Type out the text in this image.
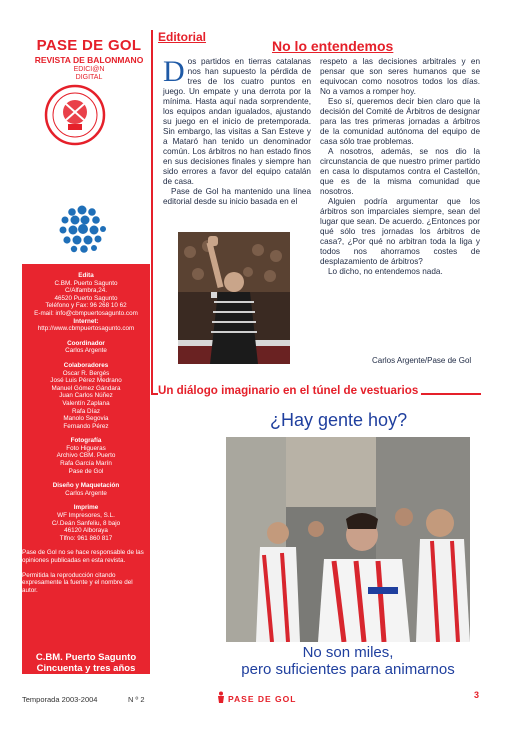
PASE DE GOL
REVISTA DE BALONMANO
EDICI@N
DIGITAL
Edita
C.BM. Puerto Sagunto
C/Alfambra,24.
46520 Puerto Sagunto
Teléfono y Fax: 96 268 10 62
E-mail: info@cbmpuertosagunto.com
Internet:
http://www.cbmpuertosagunto.com
Coordinador
Carlos Argente
Colaboradores
Oscar R. Bergés
José Luis Pérez Medrano
Manuel Gómez Gándara
Juan Carlos Núñez
Valentín Zaplana
Rafa Díaz
Manolo Segovia
Fernando Pérez
Fotografía
Foto Higueras
Archivo CBM. Puerto
Rafa García Marín
Pase de Gol
Diseño y Maquetación
Carlos Argente
Imprime
WF Impresores, S.L.
C/.Deán Sanfeliu, 8 bajo
46120 Alboraya
Tlfno: 961 860 817
Pase de Gol no se hace responsable de las opiniones publicadas en esta revista.
Permitida la reproducción citando expresamente la fuente y el nombre del autor.
C.BM. Puerto Sagunto
Cincuenta y tres años
jugando al Balonmano
Temporada 2003-2004	N º 2
Editorial
No lo entendemos

Dos partidos en tierras catalanas nos han supuesto la pérdida de tres de los cuatro puntos en juego. Un empate y una derrota por la mínima. Hasta aquí nada sorprendente, los equipos andan igualados, ajustando su juego en el inicio de pretemporada. Sin embargo, las visitas a San Esteve y a Mataró han tenido un denominador común. Los árbitros no han estado finos en sus decisiones finales y siempre han sido errores a favor del equipo catalán de casa.

Pase de Gol ha mantenido una línea editorial desde su inicio basada en el

respeto a las decisiones arbitrales y en pensar que son seres humanos que se equivocan como nosotros todos los días. No a vamos a romper hoy.

Eso sí, queremos decir bien claro que la decisión del Comité de Árbitros de designar para las tres primeras jornadas a árbitros de la comunidad autónoma del equipo de casa sólo trae problemas.

A nosotros, además, se nos dio la circunstancia de que nuestro primer partido en casa lo disputamos contra el Castellón, que es de la misma comunidad que nosotros.

Alguien podría argumentar que los árbitros son imparciales siempre, sean del lugar que sean. De acuerdo. ¿Entonces por qué sólo tres jornadas los árbitros de casa?, ¿Por qué no arbitran toda la liga y todos nos ahorramos costes de desplazamiento de árbitros?

Lo dicho, no entendemos nada.

Carlos Argente/Pase de Gol
Un diálogo imaginario en el túnel de vestuarios
¿Hay gente hoy?
No son miles,
pero suficientes para animarnos
PASE DE GOL	3
